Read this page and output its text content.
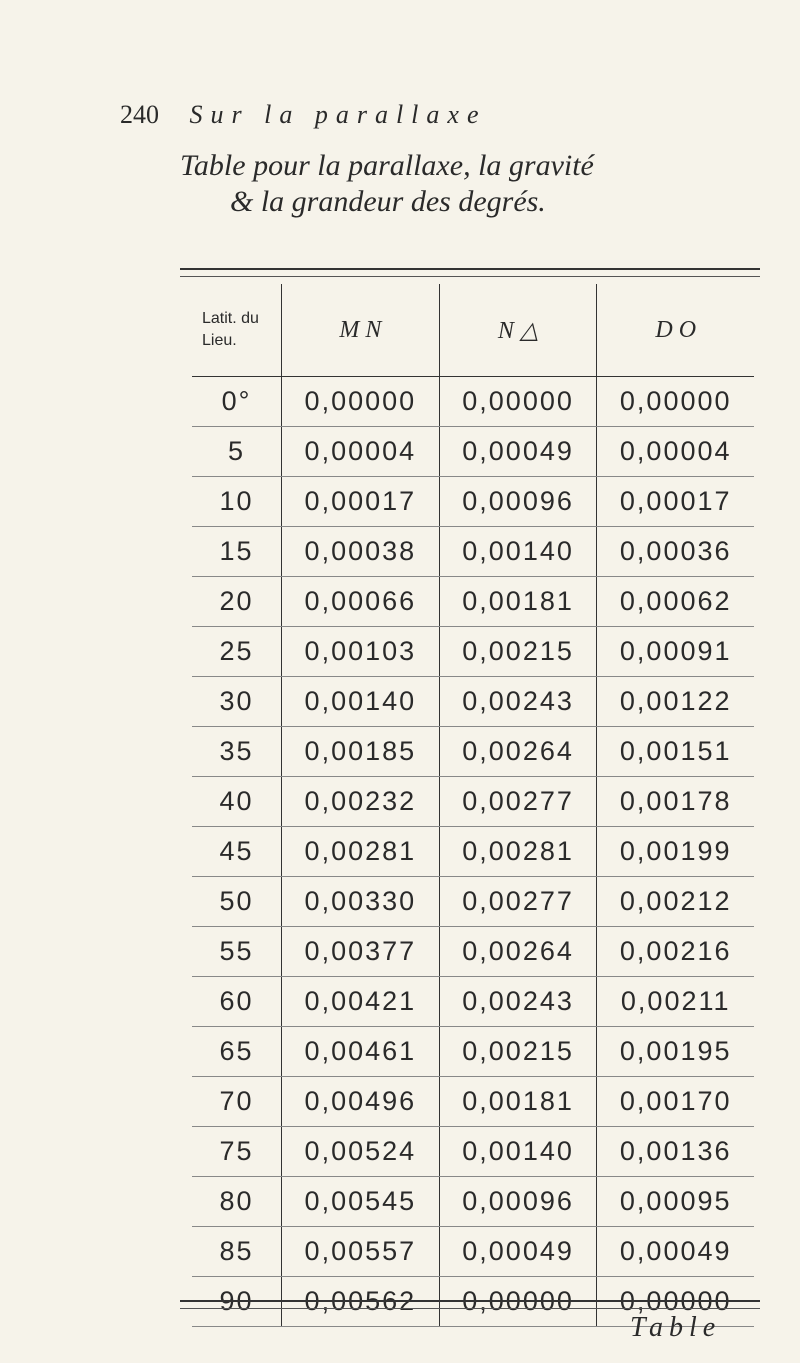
240 Sur la parallaxe
Table pour la parallaxe, la gravité
& la grandeur des degrés.
Latit. du Lieu.	M N	N △	D O
0°	0,00000	0,00000	0,00000
5	0,00004	0,00049	0,00004
10	0,00017	0,00096	0,00017
15	0,00038	0,00140	0,00036
20	0,00066	0,00181	0,00062
25	0,00103	0,00215	0,00091
30	0,00140	0,00243	0,00122
35	0,00185	0,00264	0,00151
40	0,00232	0,00277	0,00178
45	0,00281	0,00281	0,00199
50	0,00330	0,00277	0,00212
55	0,00377	0,00264	0,00216
60	0,00421	0,00243	0,00211
65	0,00461	0,00215	0,00195
70	0,00496	0,00181	0,00170
75	0,00524	0,00140	0,00136
80	0,00545	0,00096	0,00095
85	0,00557	0,00049	0,00049
90	0,00562	0,00000	0,00000
Table
